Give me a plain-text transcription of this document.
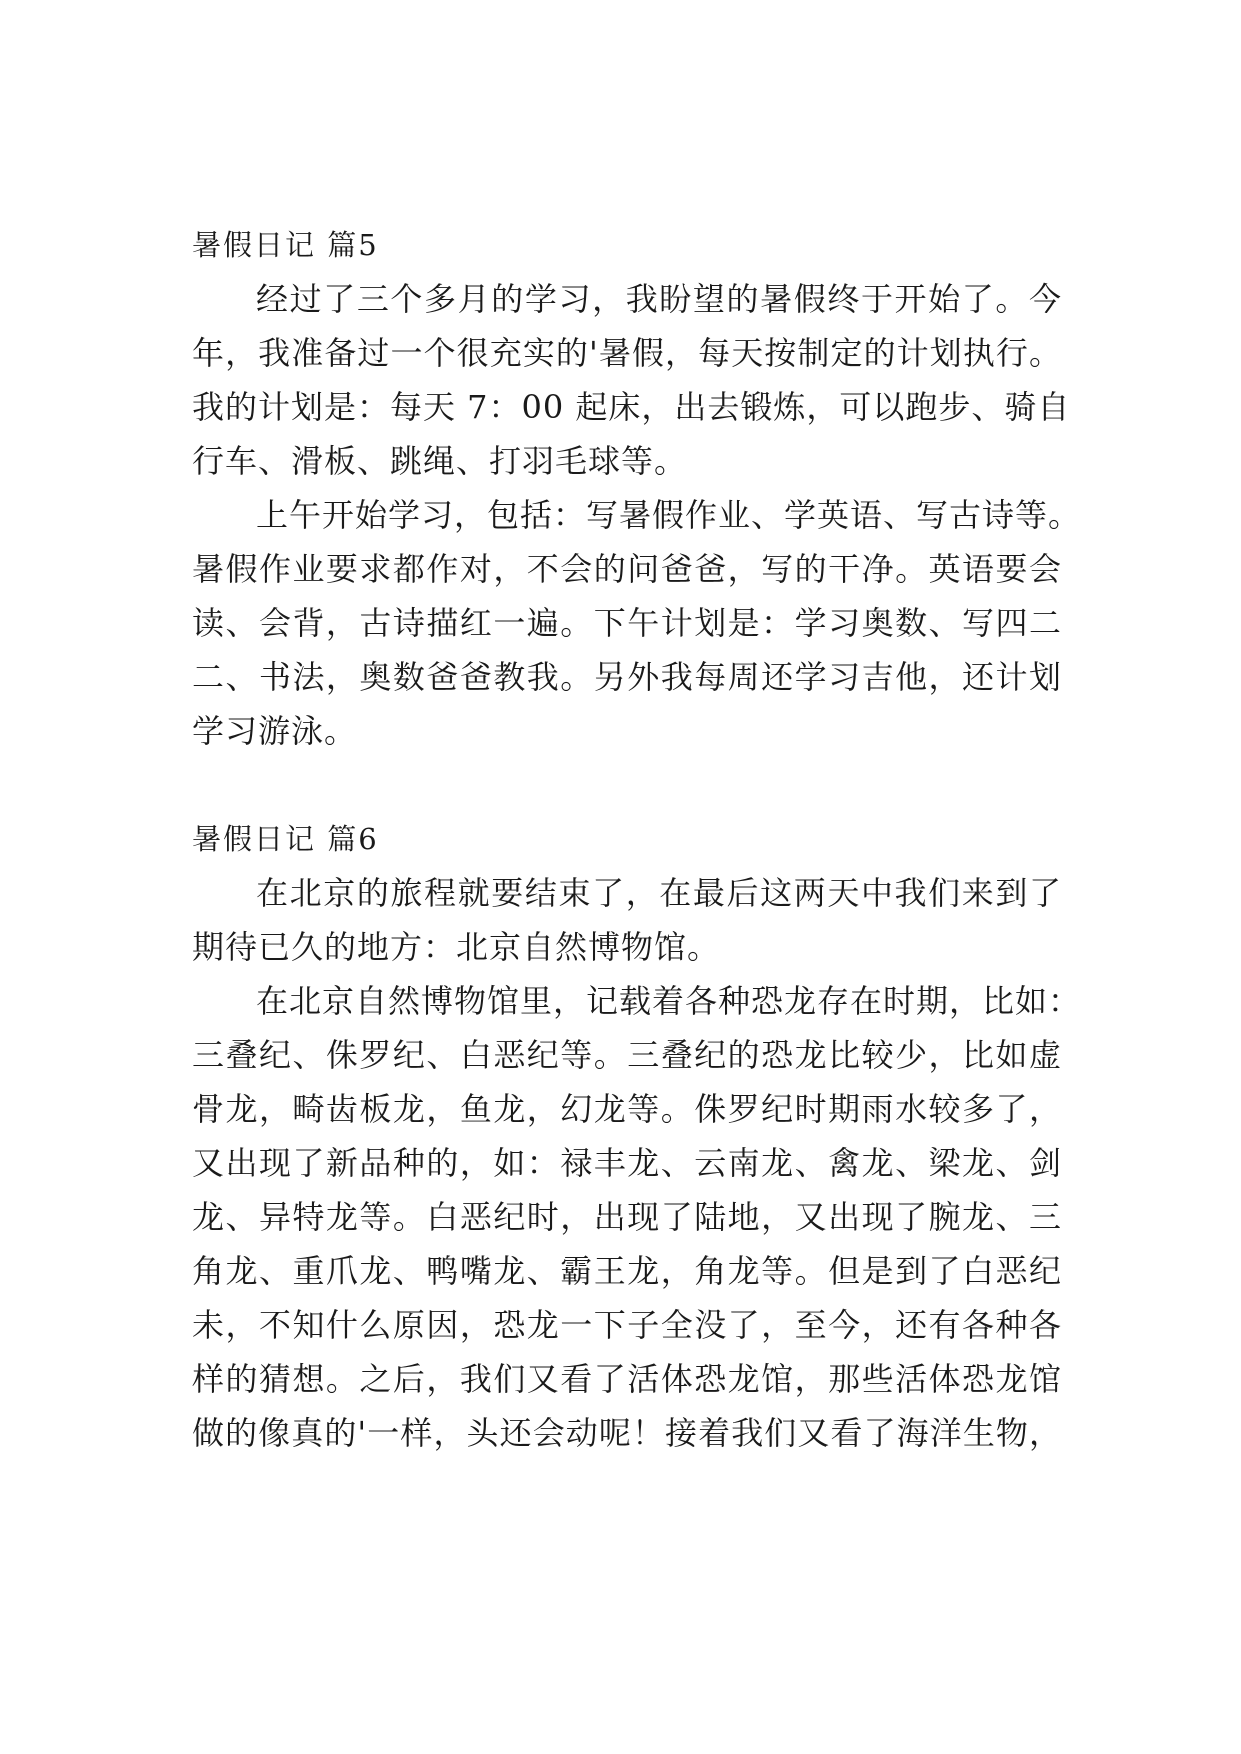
暑假日记 篇5
经过了三个多月的学习，我盼望的暑假终于开始了。今
年，我准备过一个很充实的'暑假，每天按制定的计划执行。
我的计划是：每天 7：00 起床，出去锻炼，可以跑步、骑自
行车、滑板、跳绳、打羽毛球等。
上午开始学习，包括：写暑假作业、学英语、写古诗等。
暑假作业要求都作对，不会的问爸爸，写的干净。英语要会
读、会背，古诗描红一遍。下午计划是：学习奥数、写四二
二、书法，奥数爸爸教我。另外我每周还学习吉他，还计划
学习游泳。
暑假日记 篇6
在北京的旅程就要结束了，在最后这两天中我们来到了
期待已久的地方：北京自然博物馆。
在北京自然博物馆里，记载着各种恐龙存在时期，比如：
三叠纪、侏罗纪、白恶纪等。三叠纪的恐龙比较少，比如虚
骨龙，畸齿板龙，鱼龙，幻龙等。侏罗纪时期雨水较多了，
又出现了新品种的，如：禄丰龙、云南龙、禽龙、梁龙、剑
龙、异特龙等。白恶纪时，出现了陆地，又出现了腕龙、三
角龙、重爪龙、鸭嘴龙、霸王龙，角龙等。但是到了白恶纪
未，不知什么原因，恐龙一下子全没了，至今，还有各种各
样的猜想。之后，我们又看了活体恐龙馆，那些活体恐龙馆
做的像真的'一样，头还会动呢！接着我们又看了海洋生物，
